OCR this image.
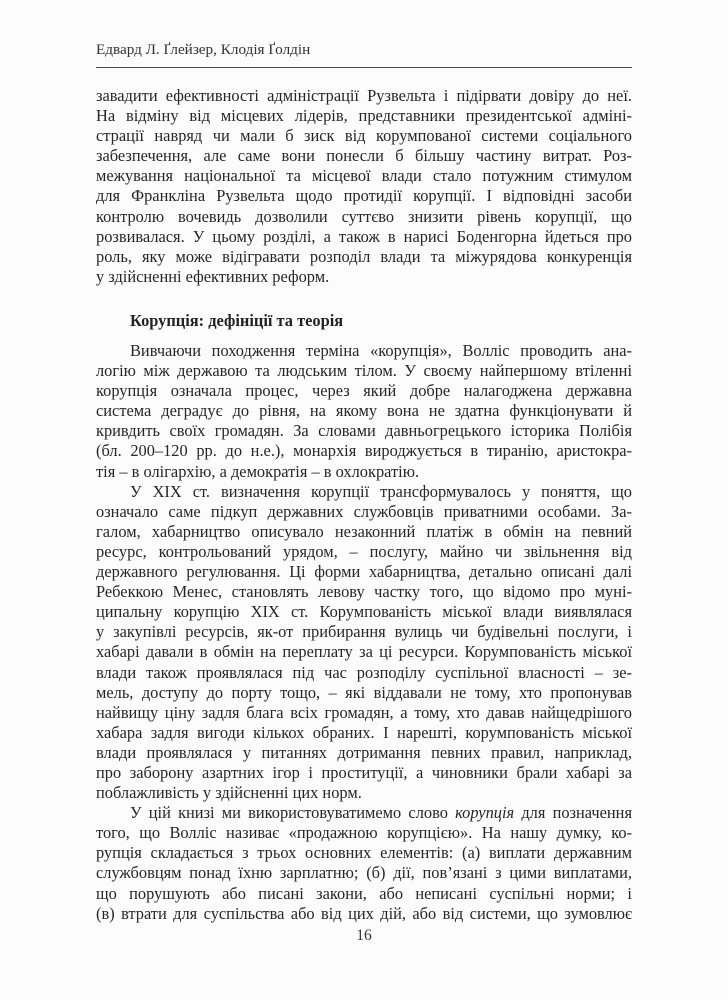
Едвард Л. Ґлейзер, Клодія Ґолдін
завадити ефективності адміністрації Рузвельта і підірвати довіру до неї.
На відміну від місцевих лідерів, представники президентської адміні-
страції навряд чи мали б зиск від корумпованої системи соціального
забезпечення, але саме вони понесли б більшу частину витрат. Роз-
межування національної та місцевої влади стало потужним стимулом
для Франкліна Рузвельта щодо протидії корупції. І відповідні засоби
контролю вочевидь дозволили суттєво знизити рівень корупції, що
розвивалася. У цьому розділі, а також в нарисі Боденгорна йдеться про
роль, яку може відігравати розподіл влади та міжурядова конкуренція
у здійсненні ефективних реформ.
Корупція: дефініції та теорія
Вивчаючи походження терміна «корупція», Волліс проводить ана-
логію між державою та людським тілом. У своєму найпершому втіленні
корупція означала процес, через який добре налагоджена державна
система деградує до рівня, на якому вона не здатна функціонувати й
кривдить своїх громадян. За словами давньогрецького історика Полібія
(бл. 200–120 рр. до н.е.), монархія вироджується в тиранію, аристокра-
тія – в олігархію, а демократія – в охлократію.
У XIX ст. визначення корупції трансформувалось у поняття, що
означало саме підкуп державних службовців приватними особами. За-
галом, хабарництво описувало незаконний платіж в обмін на певний
ресурс, контрольований урядом, – послугу, майно чи звільнення від
державного регулювання. Ці форми хабарництва, детально описані далі
Ребеккою Менес, становлять левову частку того, що відомо про муні-
ципальну корупцію XIX ст. Корумпованість міської влади виявлялася
у закупівлі ресурсів, як-от прибирання вулиць чи будівельні послуги, і
хабарі давали в обмін на переплату за ці ресурси. Корумпованість міської
влади також проявлялася під час розподілу суспільної власності – зе-
мель, доступу до порту тощо, – які віддавали не тому, хто пропонував
найвищу ціну задля блага всіх громадян, а тому, хто давав найщедрішого
хабара задля вигоди кількох обраних. І нарешті, корумпованість міської
влади проявлялася у питаннях дотримання певних правил, наприклад,
про заборону азартних ігор і проституції, а чиновники брали хабарі за
поблажливість у здійсненні цих норм.
У цій книзі ми використовуватимемо слово корупція для позначення
того, що Волліс називає «продажною корупцією». На нашу думку, ко-
рупція складається з трьох основних елементів: (а) виплати державним
службовцям понад їхню зарплатню; (б) дії, пов’язані з цими виплатами,
що порушують або писані закони, або неписані суспільні норми; і
(в) втрати для суспільства або від цих дій, або від системи, що зумовлює
16
